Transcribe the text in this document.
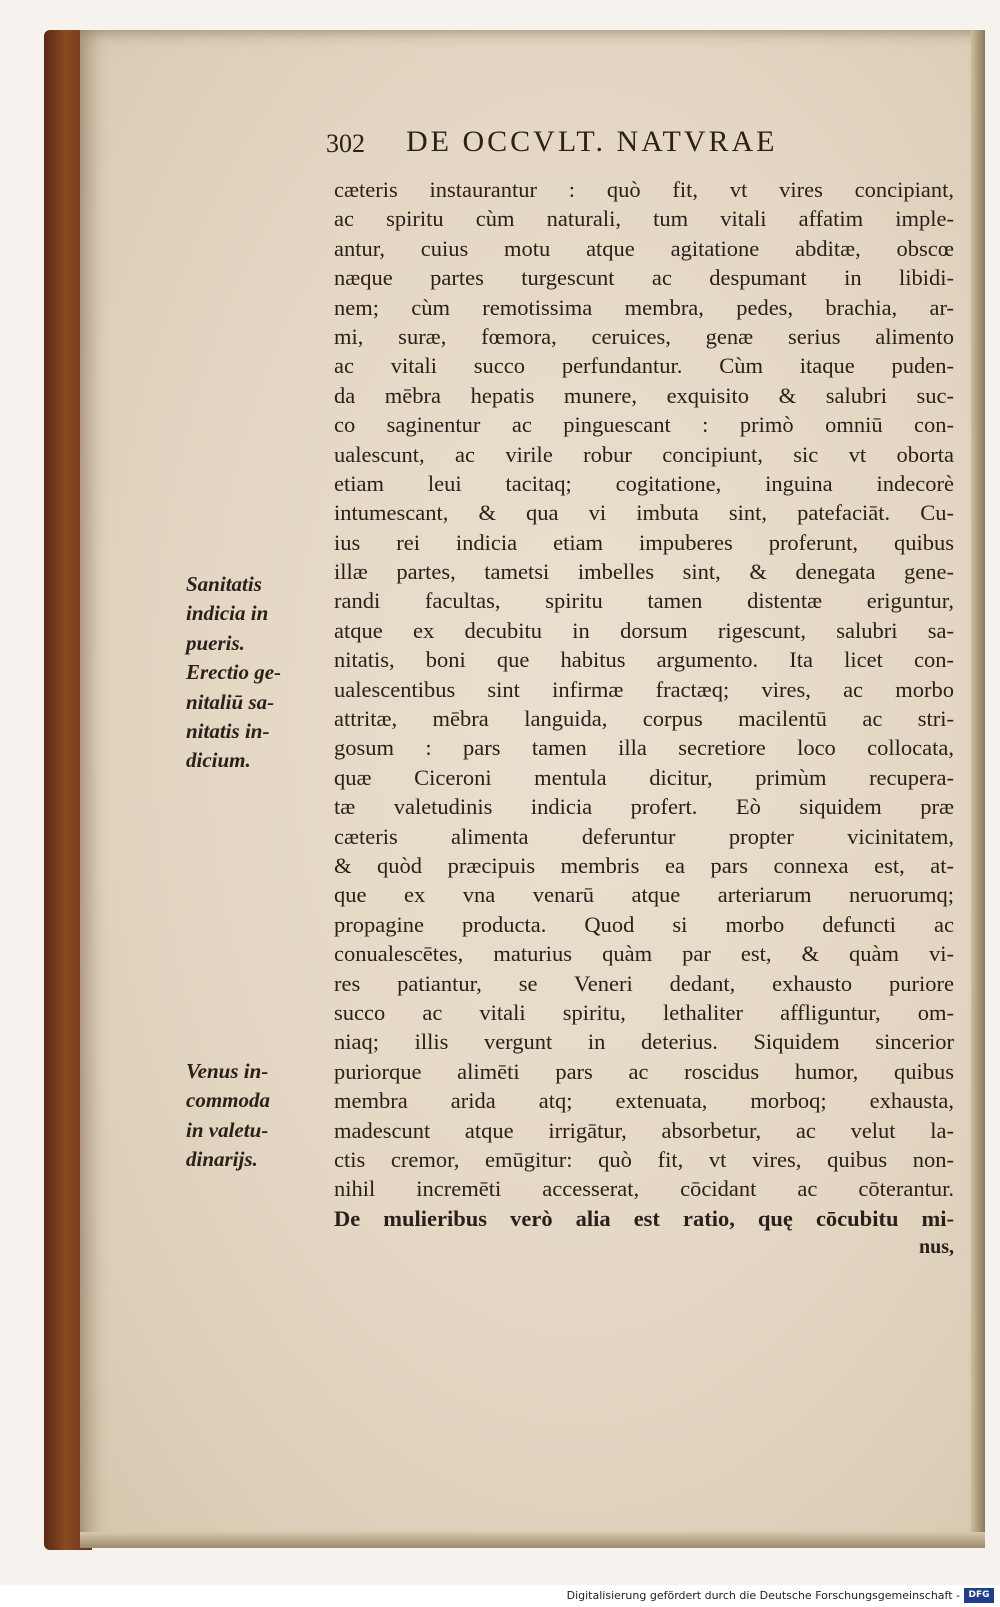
302 DE OCCVLT. NATVRAE
cæteris instaurantur : quò fit, vt vires concipiant,
ac spiritu cùm naturali, tum vitali affatim imple-
antur, cuius motu atque agitatione abditæ, obscœ
næque partes turgescunt ac despumant in libidi-
nem; cùm remotissima membra, pedes, brachia, ar-
mi, suræ, fœmora, ceruices, genæ serius alimento
ac vitali succo perfundantur. Cùm itaque puden-
da mēbra hepatis munere, exquisito & salubri suc-
co saginentur ac pinguescant : primò omniū con-
ualescunt, ac virile robur concipiunt, sic vt oborta
etiam leui tacitaq; cogitatione, inguina indecorè
intumescant, & qua vi imbuta sint, patefaciāt. Cu-
ius rei indicia etiam impuberes proferunt, quibus
illæ partes, tametsi imbelles sint, & denegata gene-
randi facultas, spiritu tamen distentæ eriguntur,
atque ex decubitu in dorsum rigescunt, salubri sa-
nitatis, boni que habitus argumento. Ita licet con-
ualescentibus sint infirmæ fractæq; vires, ac morbo
attritæ, mēbra languida, corpus macilentū ac stri-
gosum : pars tamen illa secretiore loco collocata,
quæ Ciceroni mentula dicitur, primùm recupera-
tæ valetudinis indicia profert. Eò siquidem præ
cæteris alimenta deferuntur propter vicinitatem,
& quòd præcipuis membris ea pars connexa est, at-
que ex vna venarū atque arteriarum neruorumq;
propagine producta. Quod si morbo defuncti ac
conualescētes, maturius quàm par est, & quàm vi-
res patiantur, se Veneri dedant, exhausto puriore
succo ac vitali spiritu, lethaliter affliguntur, om-
niaq; illis vergunt in deterius. Siquidem sincerior
puriorque alimēti pars ac roscidus humor, quibus
membra arida atq; extenuata, morboq; exhausta,
madescunt atque irrigātur, absorbetur, ac velut la-
ctis cremor, emūgitur: quò fit, vt vires, quibus non-
nihil incremēti accesserat, cōcidant ac cōterantur.
De mulieribus verò alia est ratio, quę cōcubitu mi-
nus,
Sanitatis
indicia in
pueris.
Erectio ge-
nitaliū sa-
nitatis in-
dicium.
Venus in-
commoda
in valetu-
dinarijs.
Digitalisierung gefördert durch die Deutsche Forschungsgemeinschaft - DFG
